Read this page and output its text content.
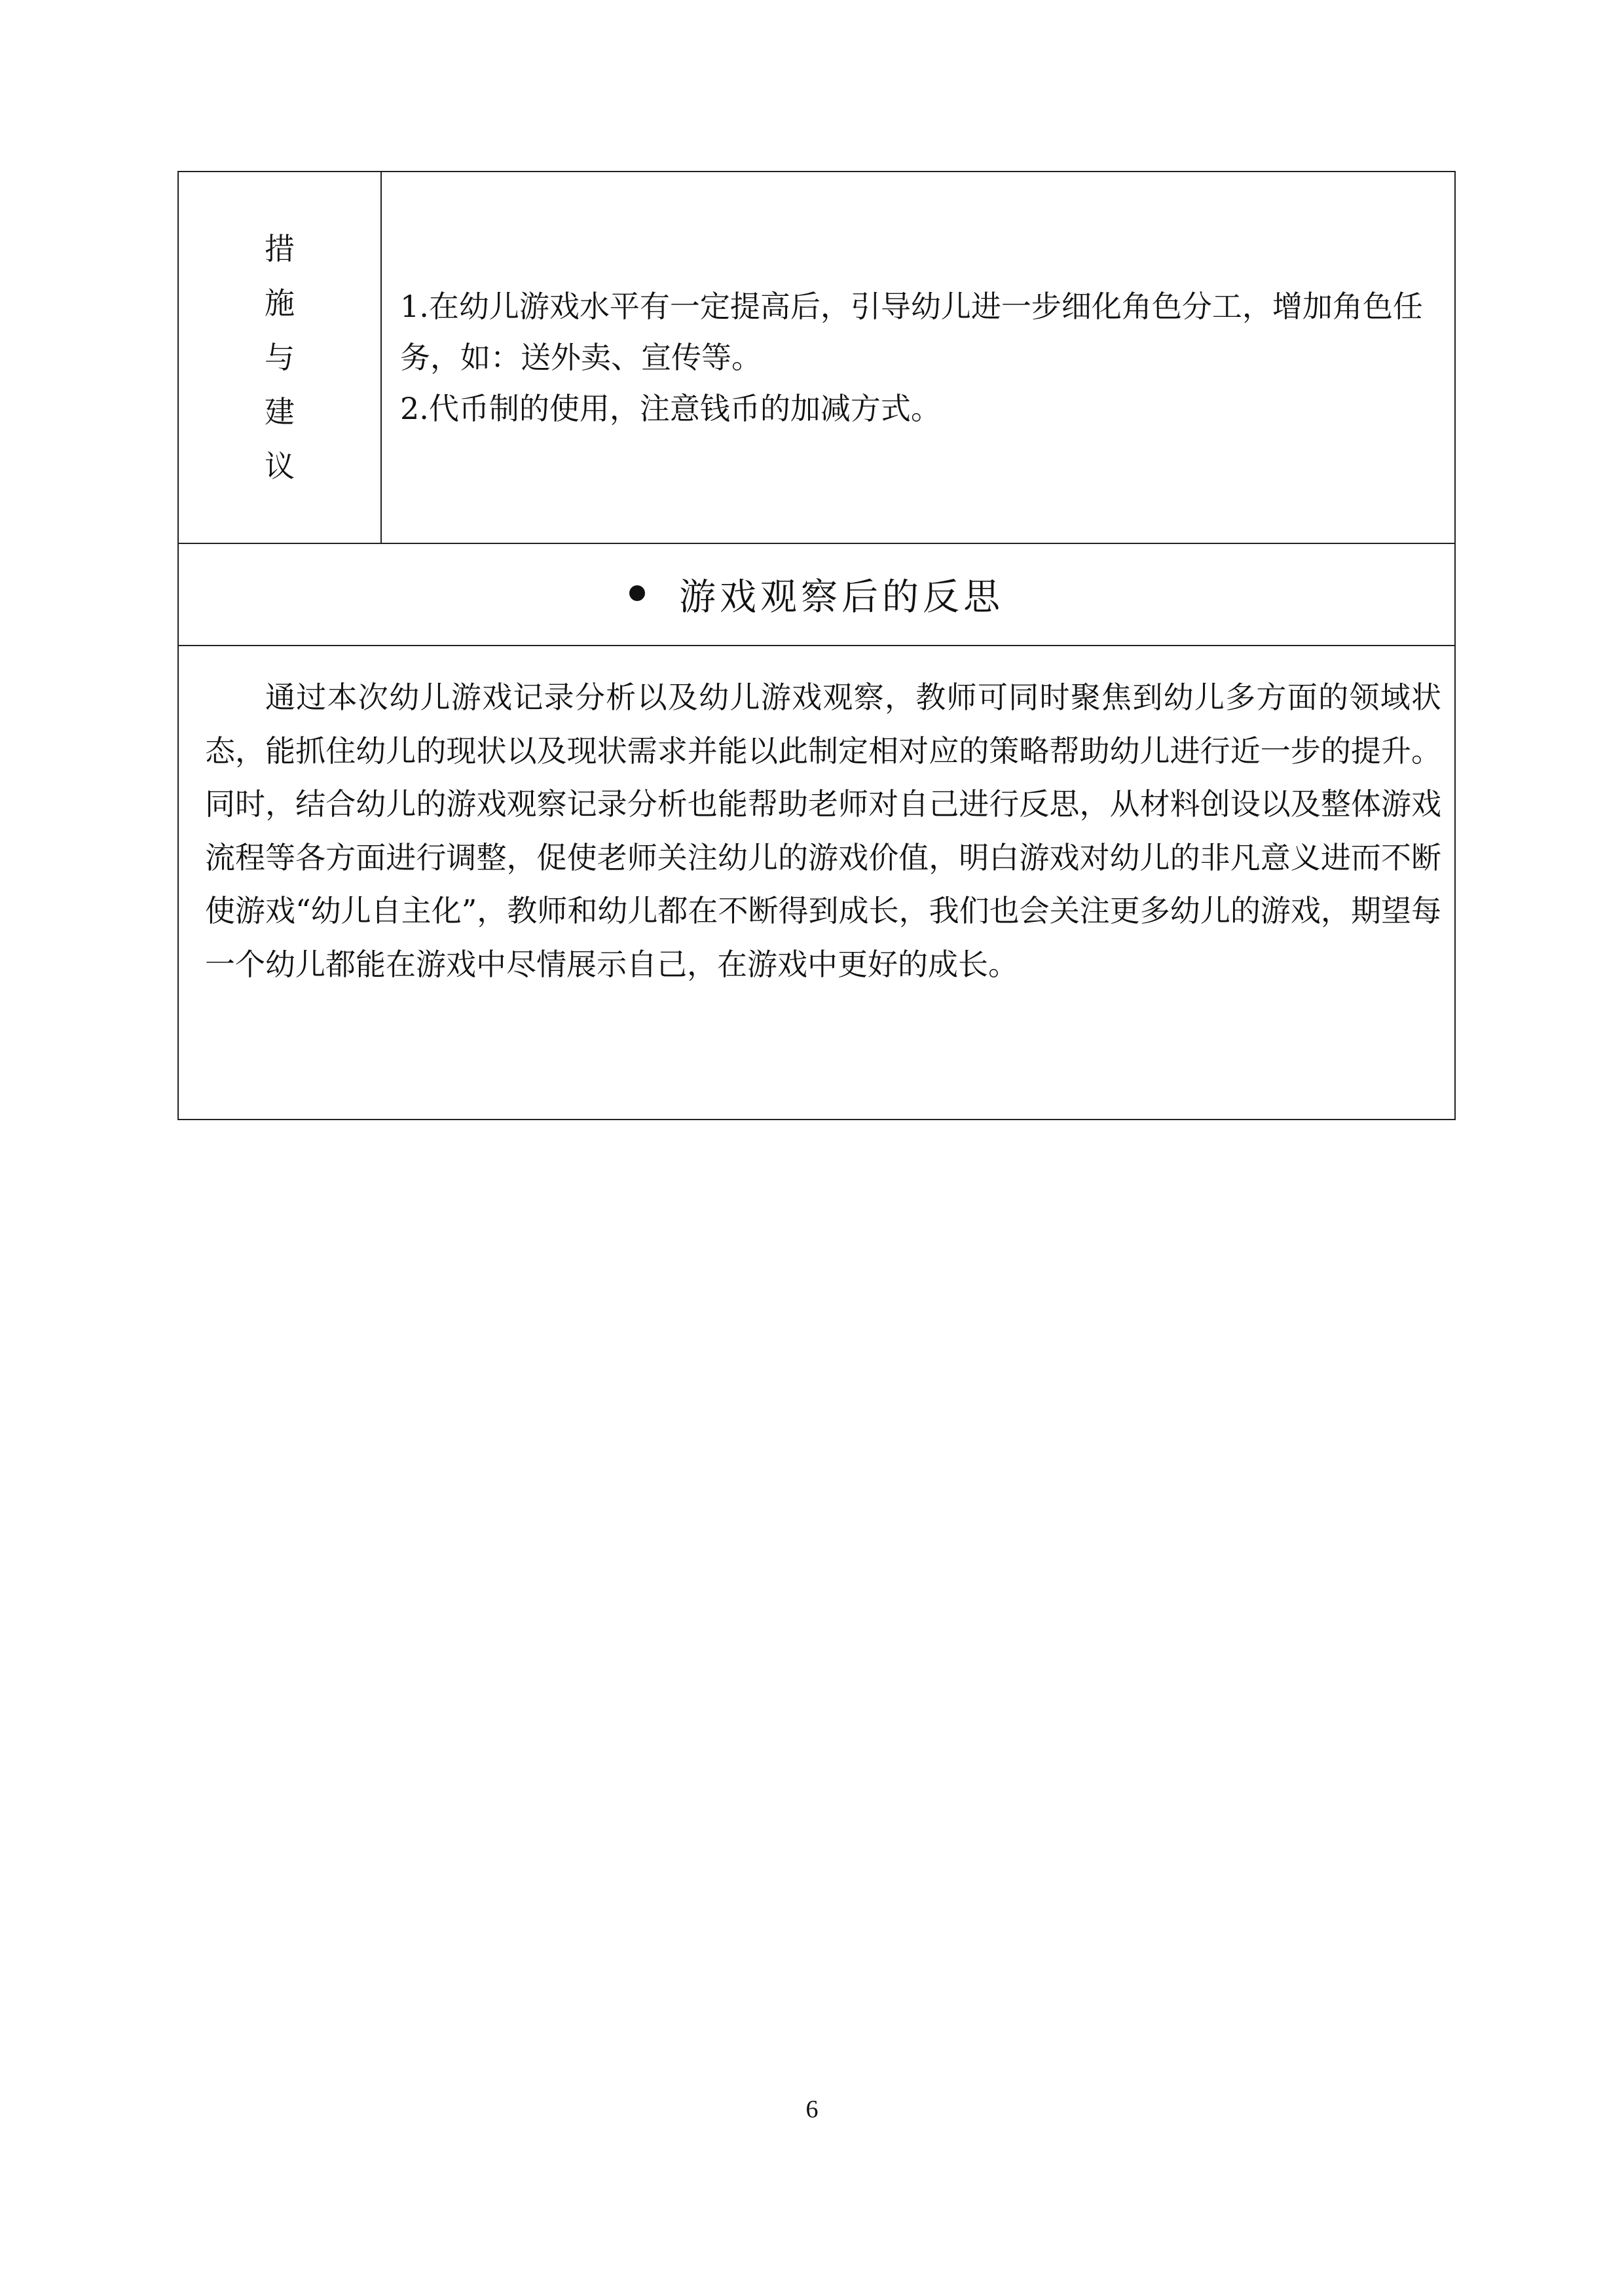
措
施
与
建
议

1.在幼儿游戏水平有一定提高后，引导幼儿进一步细化角色分工，增加角色任务，如：送外卖、宣传等。

2.代币制的使用，注意钱币的加减方式。

游戏观察后的反思

通过本次幼儿游戏记录分析以及幼儿游戏观察，教师可同时聚焦到幼儿多方面的领域状态，能抓住幼儿的现状以及现状需求并能以此制定相对应的策略帮助幼儿进行近一步的提升。同时，结合幼儿的游戏观察记录分析也能帮助老师对自己进行反思，从材料创设以及整体游戏流程等各方面进行调整，促使老师关注幼儿的游戏价值，明白游戏对幼儿的非凡意义进而不断使游戏“幼儿自主化”，教师和幼儿都在不断得到成长，我们也会关注更多幼儿的游戏，期望每一个幼儿都能在游戏中尽情展示自己，在游戏中更好的成长。

6
